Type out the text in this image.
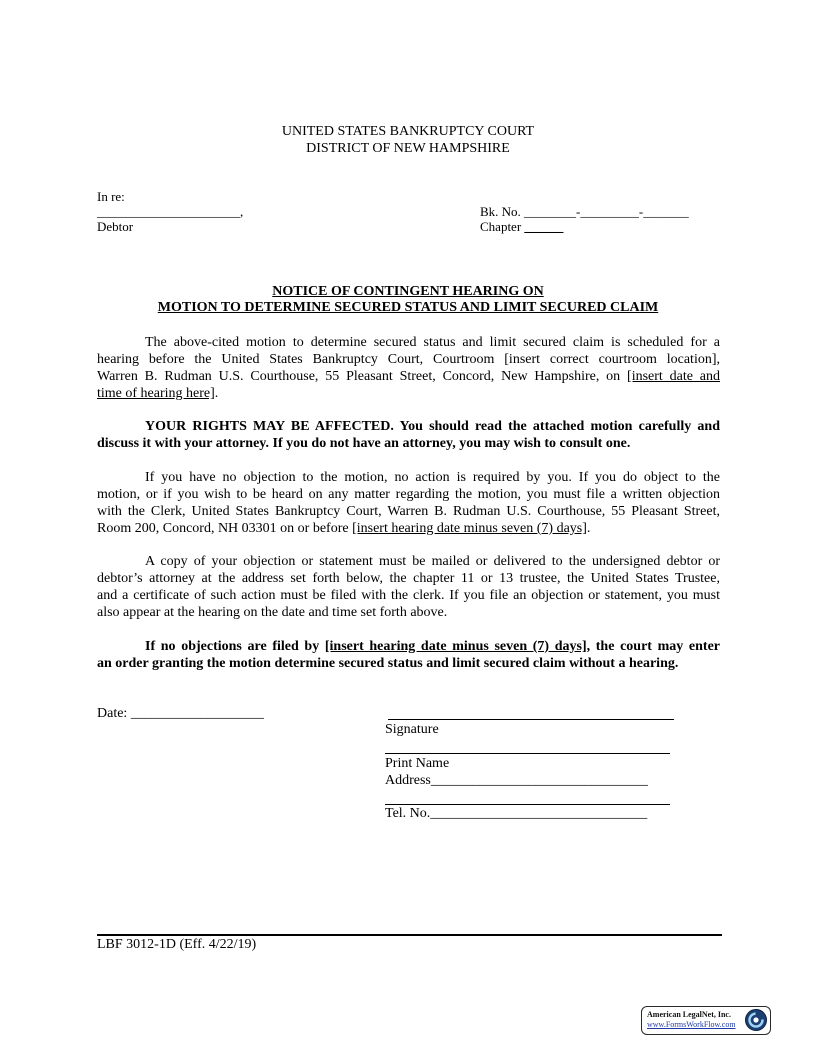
UNITED STATES BANKRUPTCY COURT
DISTRICT OF NEW HAMPSHIRE
In re:
______________________,
Debtor
Bk. No. ________-_________-_______
Chapter ______
NOTICE OF CONTINGENT HEARING ON
MOTION TO DETERMINE SECURED STATUS AND LIMIT SECURED CLAIM
The above-cited motion to determine secured status and limit secured claim is scheduled for a
hearing before the United States Bankruptcy Court, Courtroom [insert correct courtroom location],
Warren B. Rudman U.S. Courthouse, 55 Pleasant Street, Concord, New Hampshire, on [insert date and
time of hearing here].
YOUR RIGHTS MAY BE AFFECTED. You should read the attached motion carefully and
discuss it with your attorney. If you do not have an attorney, you may wish to consult one.
If you have no objection to the motion, no action is required by you. If you do object to the
motion, or if you wish to be heard on any matter regarding the motion, you must file a written objection
with the Clerk, United States Bankruptcy Court, Warren B. Rudman U.S. Courthouse, 55 Pleasant Street,
Room 200, Concord, NH 03301 on or before [insert hearing date minus seven (7) days].
A copy of your objection or statement must be mailed or delivered to the undersigned debtor or
debtor’s attorney at the address set forth below, the chapter 11 or 13 trustee, the United States Trustee,
and a certificate of such action must be filed with the clerk. If you file an objection or statement, you must
also appear at the hearing on the date and time set forth above.
If no objections are filed by [insert hearing date minus seven (7) days], the court may enter
an order granting the motion determine secured status and limit secured claim without a hearing.
Date: ___________________
Signature
Print Name
Address_______________________________
Tel. No._______________________________
LBF 3012-1D (Eff. 4/22/19)
American LegalNet, Inc.
www.FormsWorkFlow.com
